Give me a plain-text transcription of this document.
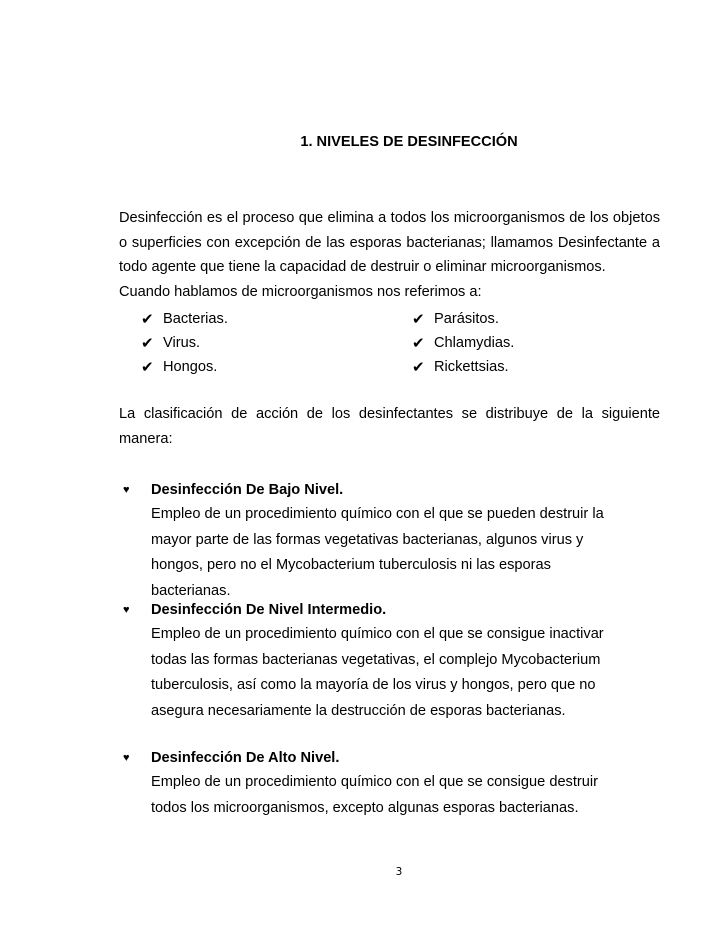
1. NIVELES DE DESINFECCIÓN
Desinfección es el proceso que elimina a todos los microorganismos de los objetos o superficies con excepción de las esporas bacterianas; llamamos Desinfectante a todo agente que tiene la capacidad de destruir o eliminar microorganismos.
Cuando hablamos de microorganismos nos referimos a:
✔ Bacterias.	✔ Parásitos.
✔ Virus.	✔ Chlamydias.
✔ Hongos.	✔ Rickettsias.
La clasificación de acción de los desinfectantes se distribuye de la siguiente
manera:
♥	Desinfección De Bajo Nivel.
Empleo de un procedimiento químico con el que se pueden destruir la mayor parte de las formas vegetativas bacterianas, algunos virus y hongos, pero no el Mycobacterium tuberculosis ni las esporas bacterianas.
♥	Desinfección De Nivel Intermedio.
Empleo de un procedimiento químico con el que se consigue inactivar todas las formas bacterianas vegetativas, el complejo Mycobacterium tuberculosis, así como la mayoría de los virus y hongos, pero que no asegura necesariamente la destrucción de esporas bacterianas.
♥	Desinfección De Alto Nivel.
Empleo de un procedimiento químico con el que se consigue destruir todos los microorganismos, excepto algunas esporas bacterianas.
3
